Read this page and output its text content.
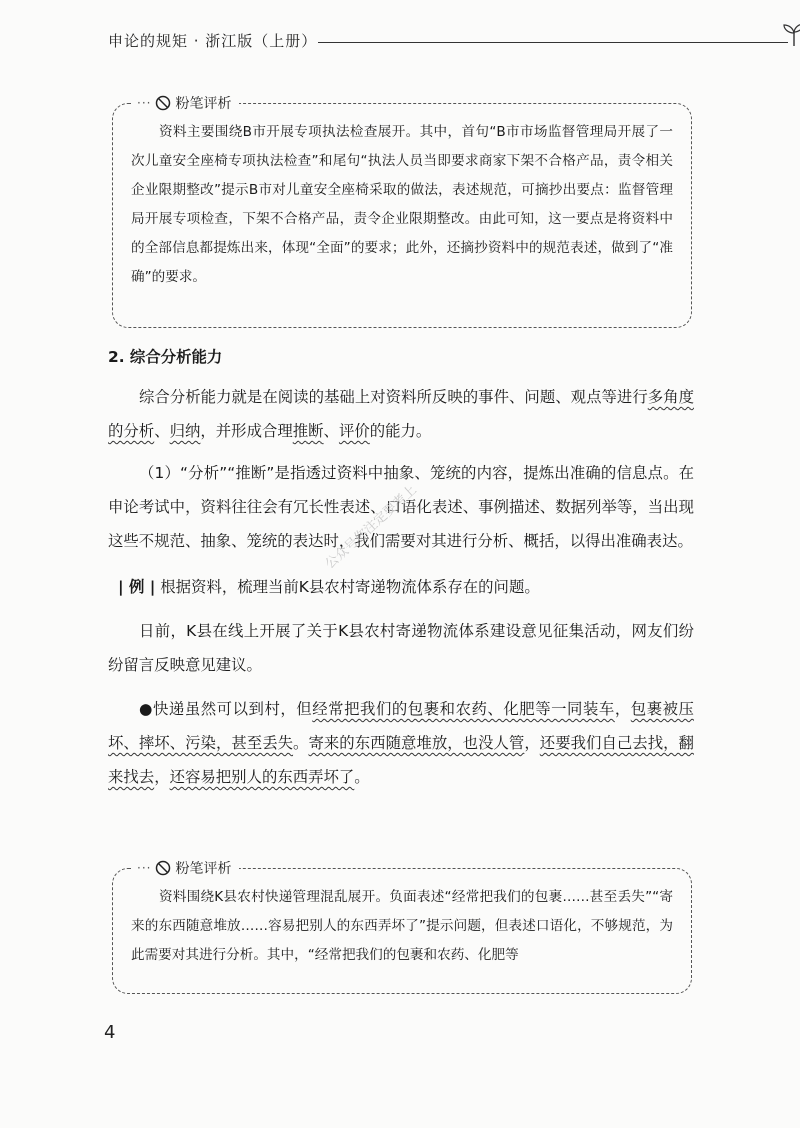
申论的规矩 · 浙江版（上册）
··· 粉笔评析

资料主要围绕B市开展专项执法检查展开。其中，首句“B市市场监督管理局开展了一次儿童安全座椅专项执法检查”和尾句“执法人员当即要求商家下架不合格产品，责令相关企业限期整改”提示B市对儿童安全座椅采取的做法，表述规范，可摘抄出要点：监督管理局开展专项检查，下架不合格产品，责令企业限期整改。由此可知，这一要点是将资料中的全部信息都提炼出来，体现“全面”的要求；此外，还摘抄资料中的规范表述，做到了“准确”的要求。

2. 综合分析能力

综合分析能力就是在阅读的基础上对资料所反映的事件、问题、观点等进行多角度的分析、归纳，并形成合理推断、评价的能力。

（1）“分析”“推断”是指透过资料中抽象、笼统的内容，提炼出准确的信息点。在申论考试中，资料往往会有冗长性表述、口语化表述、事例描述、数据列举等，当出现这些不规范、抽象、笼统的表达时，我们需要对其进行分析、概括，以得出准确表达。

| 例 | 根据资料，梳理当前K县农村寄递物流体系存在的问题。

日前，K县在线上开展了关于K县农村寄递物流体系建设意见征集活动，网友们纷纷留言反映意见建议。

●快递虽然可以到村，但经常把我们的包裹和农药、化肥等一同装车，包裹被压坏、摔坏、污染，甚至丢失。寄来的东西随意堆放，也没人管，还要我们自己去找，翻来找去，还容易把别人的东西弄坏了。

公众号你注定要考上
··· 粉笔评析

资料围绕K县农村快递管理混乱展开。负面表述“经常把我们的包裹……甚至丢失”“寄来的东西随意堆放……容易把别人的东西弄坏了”提示问题，但表述口语化，不够规范，为此需要对其进行分析。其中，“经常把我们的包裹和农药、化肥等

4
